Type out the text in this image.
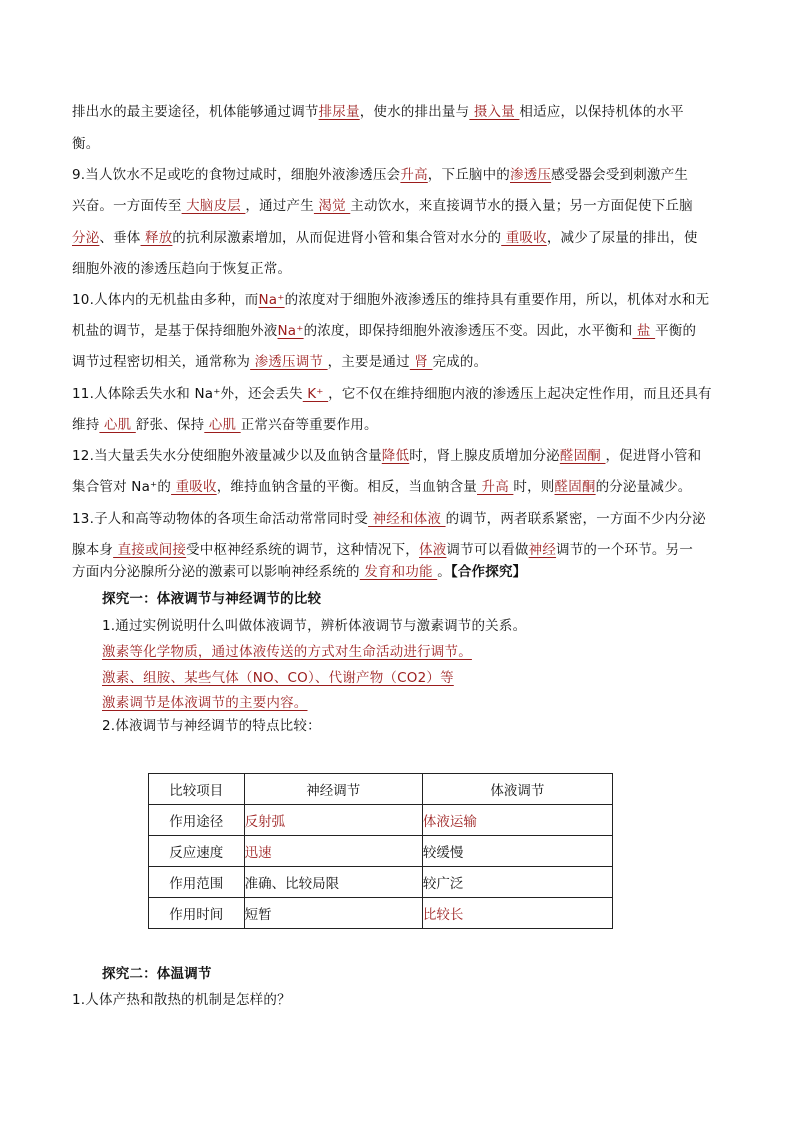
排出水的最主要途径，机体能够通过调节排尿量，使水的排出量与 摄入量 相适应，以保持机体的水平
衡。
9.当人饮水不足或吃的食物过咸时，细胞外液渗透压会升高，下丘脑中的渗透压感受器会受到刺激产生
兴奋。一方面传至 大脑皮层 ，通过产生 渴觉 主动饮水，来直接调节水的摄入量；另一方面促使下丘脑
分泌、垂体 释放的抗利尿激素增加，从而促进肾小管和集合管对水分的 重吸收，减少了尿量的排出，使
细胞外液的渗透压趋向于恢复正常。
10.人体内的无机盐由多种，而Na⁺的浓度对于细胞外液渗透压的维持具有重要作用，所以，机体对水和无
机盐的调节，是基于保持细胞外液Na⁺的浓度，即保持细胞外液渗透压不变。因此，水平衡和 盐 平衡的
调节过程密切相关，通常称为 渗透压调节 ，主要是通过 肾 完成的。
11.人体除丢失水和 Na⁺外，还会丢失 K⁺ ，它不仅在维持细胞内液的渗透压上起决定性作用，而且还具有
维持 心肌 舒张、保持 心肌 正常兴奋等重要作用。
12.当大量丢失水分使细胞外液量减少以及血钠含量降低时，肾上腺皮质增加分泌醛固酮 ，促进肾小管和
集合管对 Na⁺的 重吸收，维持血钠含量的平衡。相反，当血钠含量 升高 时，则醛固酮的分泌量减少。
13.子人和高等动物体的各项生命活动常常同时受 神经和体液 的调节，两者联系紧密，一方面不少内分泌
腺本身 直接或间接受中枢神经系统的调节，这种情况下，体液调节可以看做神经调节的一个环节。另一
方面内分泌腺所分泌的激素可以影响神经系统的 发育和功能 。【合作探究】
探究一：体液调节与神经调节的比较
1.通过实例说明什么叫做体液调节，辨析体液调节与激素调节的关系。
激素等化学物质，通过体液传送的方式对生命活动进行调节。
激素、组胺、某些气体（NO、CO）、代谢产物（CO2）等
激素调节是体液调节的主要内容。
2.体液调节与神经调节的特点比较：
比较项目	神经调节	体液调节
作用途径	反射弧	体液运输
反应速度	迅速	较缓慢
作用范围	准确、比较局限	较广泛
作用时间	短暂	比较长
探究二：体温调节
1.人体产热和散热的机制是怎样的？
